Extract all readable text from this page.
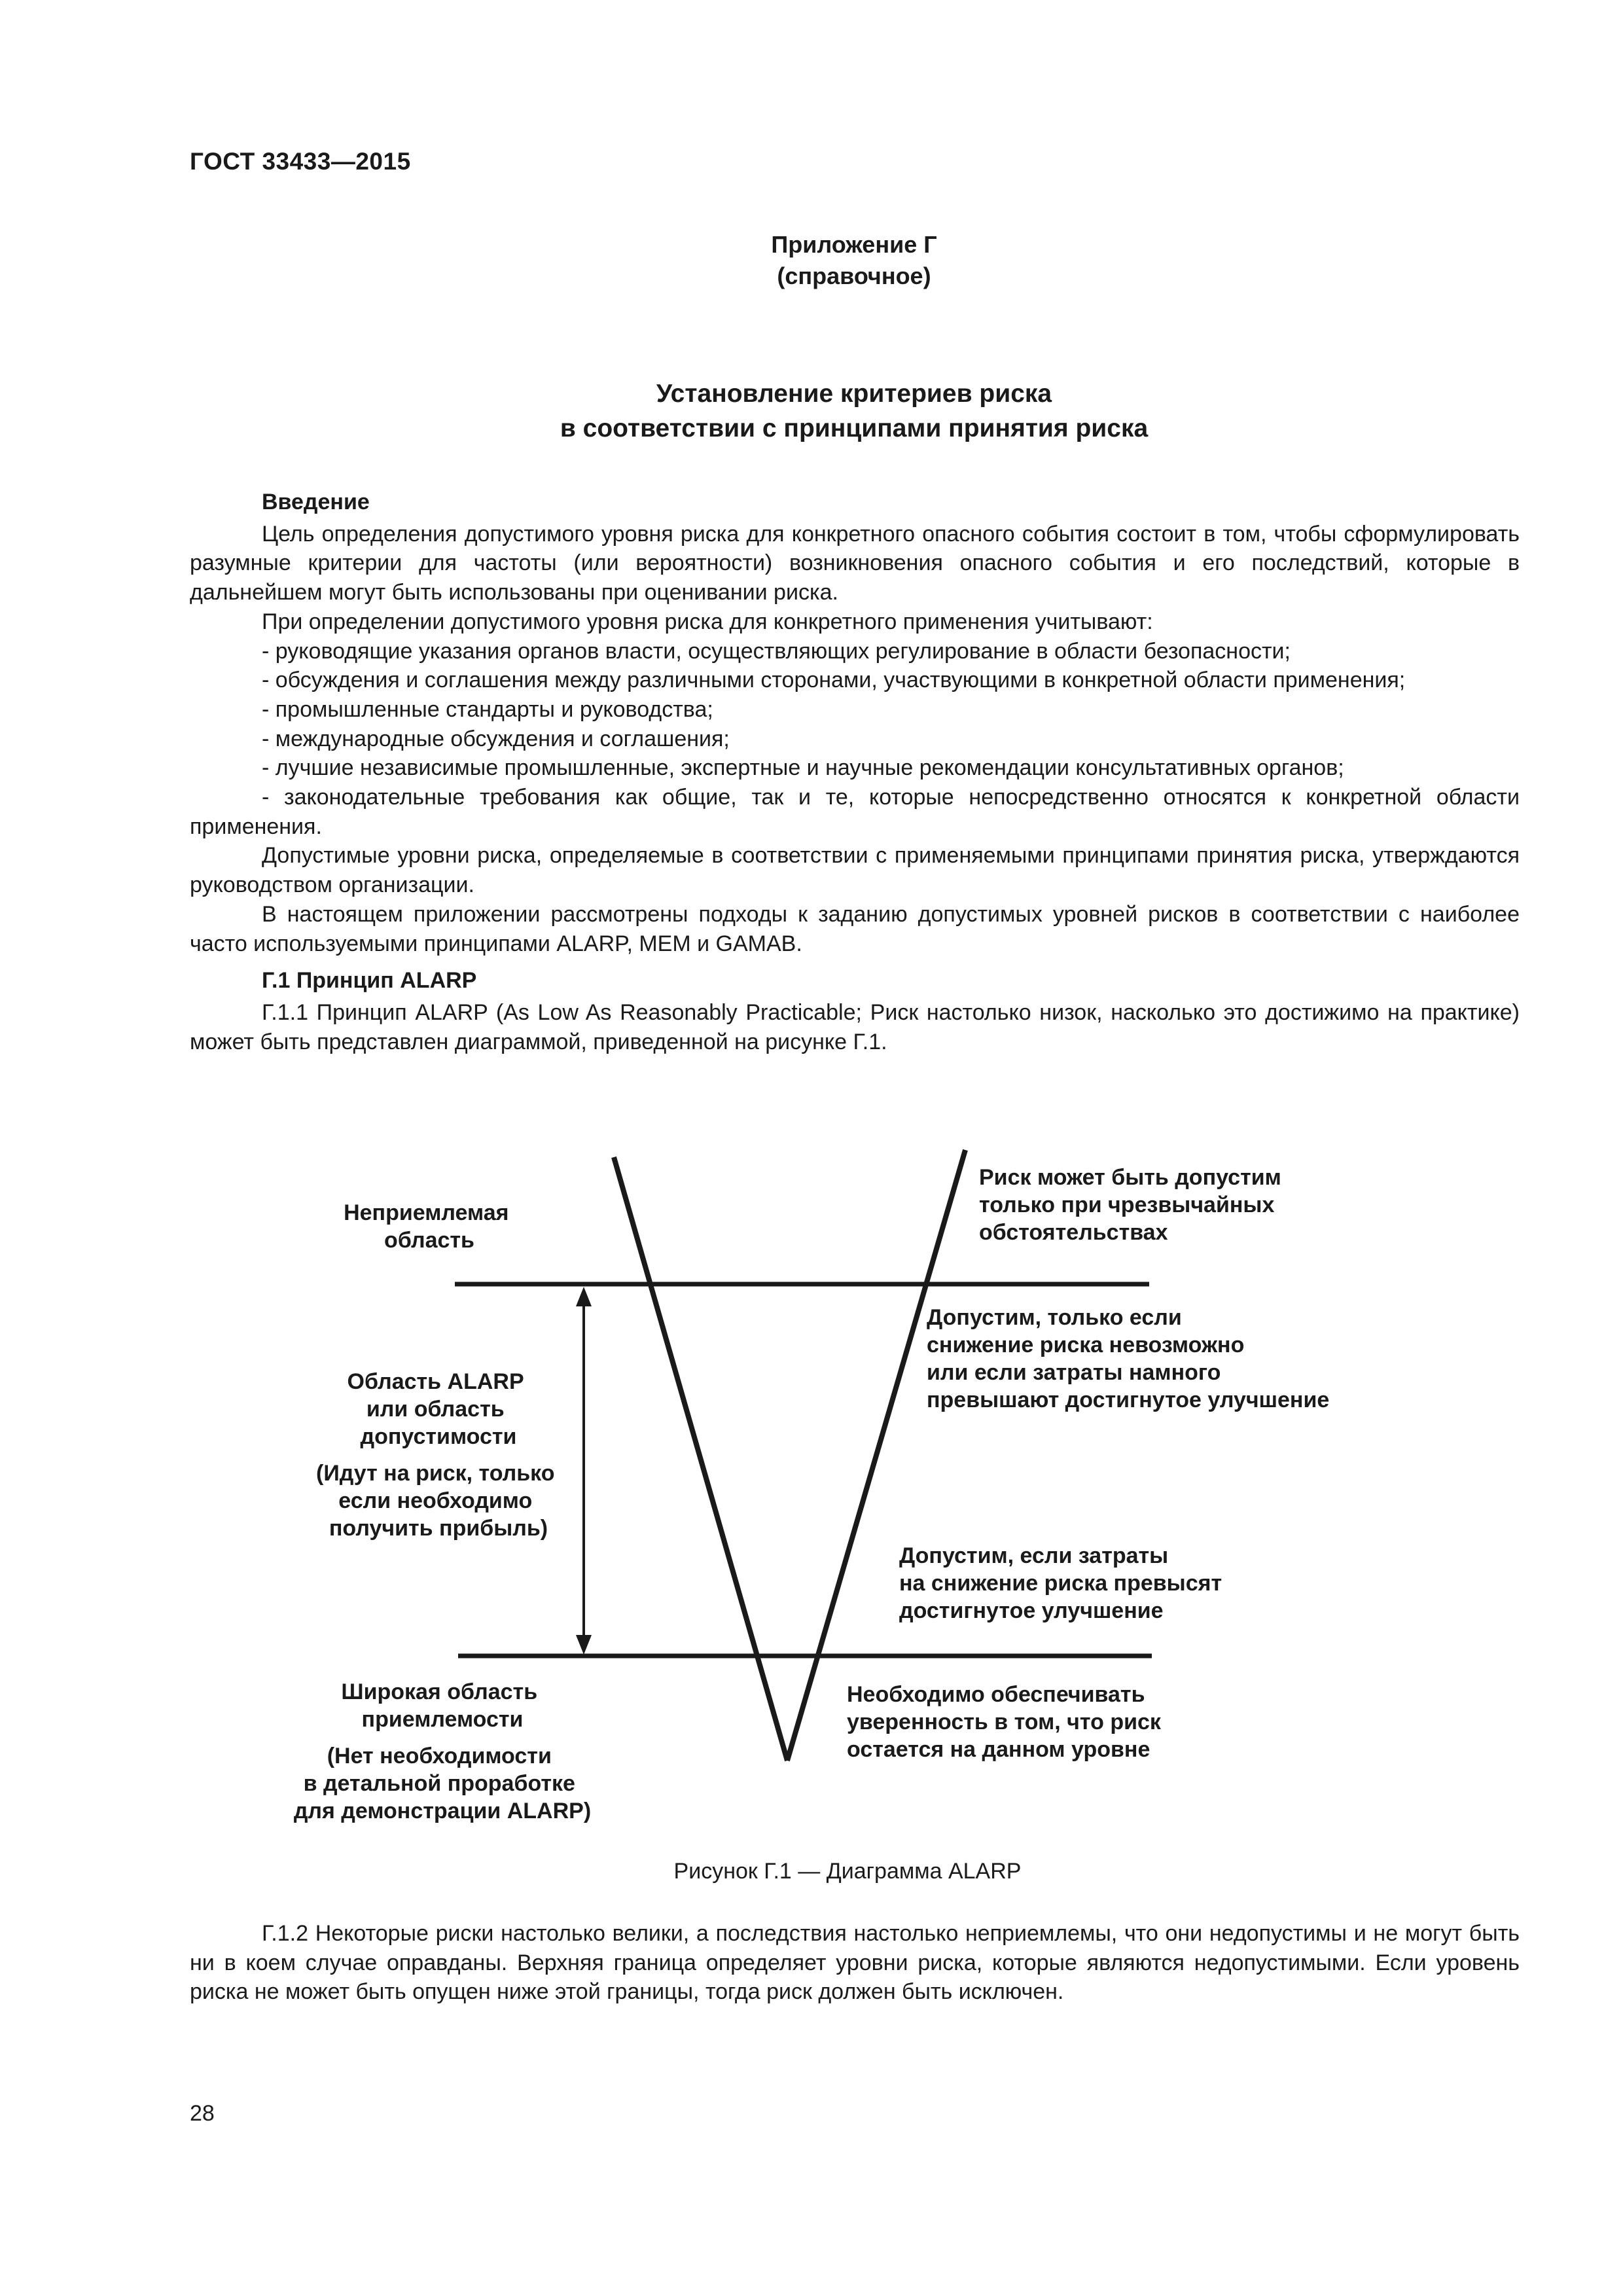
ГОСТ 33433—2015
Приложение Г
(справочное)
Установление критериев риска
в соответствии с принципами принятия риска

Введение

Цель определения допустимого уровня риска для конкретного опасного события состоит в том, чтобы сформулировать разумные критерии для частоты (или вероятности) возникновения опасного события и его последствий, которые в дальнейшем могут быть использованы при оценивании риска.

При определении допустимого уровня риска для конкретного применения учитывают:

- руководящие указания органов власти, осуществляющих регулирование в области безопасности;

- обсуждения и соглашения между различными сторонами, участвующими в конкретной области применения;

- промышленные стандарты и руководства;

- международные обсуждения и соглашения;

- лучшие независимые промышленные, экспертные и научные рекомендации консультативных органов;

- законодательные требования как общие, так и те, которые непосредственно относятся к конкретной области применения.

Допустимые уровни риска, определяемые в соответствии с применяемыми принципами принятия риска, утверждаются руководством организации.

В настоящем приложении рассмотрены подходы к заданию допустимых уровней рисков в соответствии с наиболее часто используемыми принципами ALARP, МЕМ и GAMAB.

Г.1 Принцип ALARP

Г.1.1 Принцип ALARP (As Low As Reasonably Practicable; Риск настолько низок, насколько это достижимо на практике) может быть представлен диаграммой, приведенной на рисунке Г.1.

Неприемлемая область
Область ALARP или область допустимости
(Идут на риск, только если необходимо получить прибыль)
Широкая область приемлемости
(Нет необходимости в детальной проработке для демонстрации ALARP)
Риск может быть допустим только при чрезвычайных обстоятельствах
Допустим, только если снижение риска невозможно или если затраты намного превышают достигнутое улучшение
Допустим, если затраты на снижение риска превысят достигнутое улучшение
Необходимо обеспечивать уверенность в том, что риск остается на данном уровне
Рисунок Г.1 — Диаграмма ALARP

Г.1.2 Некоторые риски настолько велики, а последствия настолько неприемлемы, что они недопустимы и не могут быть ни в коем случае оправданы. Верхняя граница определяет уровни риска, которые являются недопустимыми. Если уровень риска не может быть опущен ниже этой границы, тогда риск должен быть исключен.

28
